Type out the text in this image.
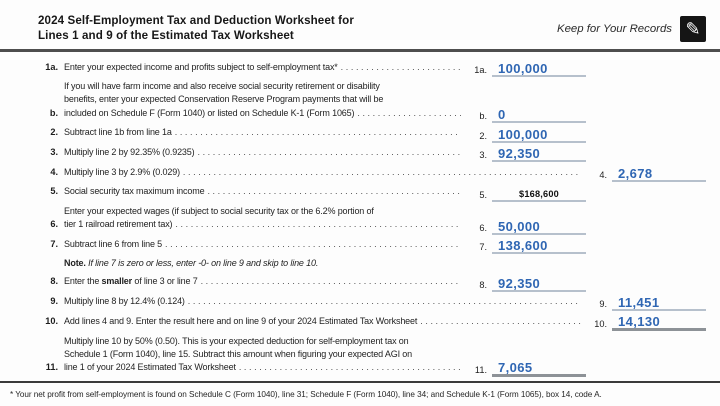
2024 Self-Employment Tax and Deduction Worksheet for
Lines 1 and 9 of the Estimated Tax Worksheet	Keep for Your Records ✎
1a. Enter your expected income and profits subject to self-employment tax* .....	1a. 100,000
b.
If you will have farm income and also receive social security retirement or disability
benefits, enter your expected Conservation Reserve Program payments that will be
included on Schedule F (Form 1040) or listed on Schedule K-1 (Form 1065) .....	b. 0
2. Subtract line 1b from line 1a .....	2. 100,000
3. Multiply line 2 by 92.35% (0.9235) .....	3. 92,350
4. Multiply line 3 by 2.9% (0.029) .....	4. 2,678
5. Social security tax maximum income .....	5.	$168,600
6.
Enter your expected wages (if subject to social security tax or the 6.2% portion of
tier 1 railroad retirement tax) .....	6. 50,000
7. Subtract line 6 from line 5 .....	7. 138,600
Note. If line 7 is zero or less, enter -0- on line 9 and skip to line 10.
8. Enter the smaller of line 3 or line 7 .....	8. 92,350
9. Multiply line 8 by 12.4% (0.124) .....	9. 11,451
10. Add lines 4 and 9. Enter the result here and on line 9 of your 2024 Estimated Tax Worksheet .....	10. 14,130
11.
Multiply line 10 by 50% (0.50). This is your expected deduction for self-employment tax on
Schedule 1 (Form 1040), line 15. Subtract this amount when figuring your expected AGI on
line 1 of your 2024 Estimated Tax Worksheet .....	11. 7,065
* Your net profit from self-employment is found on Schedule C (Form 1040), line 31; Schedule F (Form 1040), line 34; and Schedule K-1 (Form 1065), box 14, code A.
